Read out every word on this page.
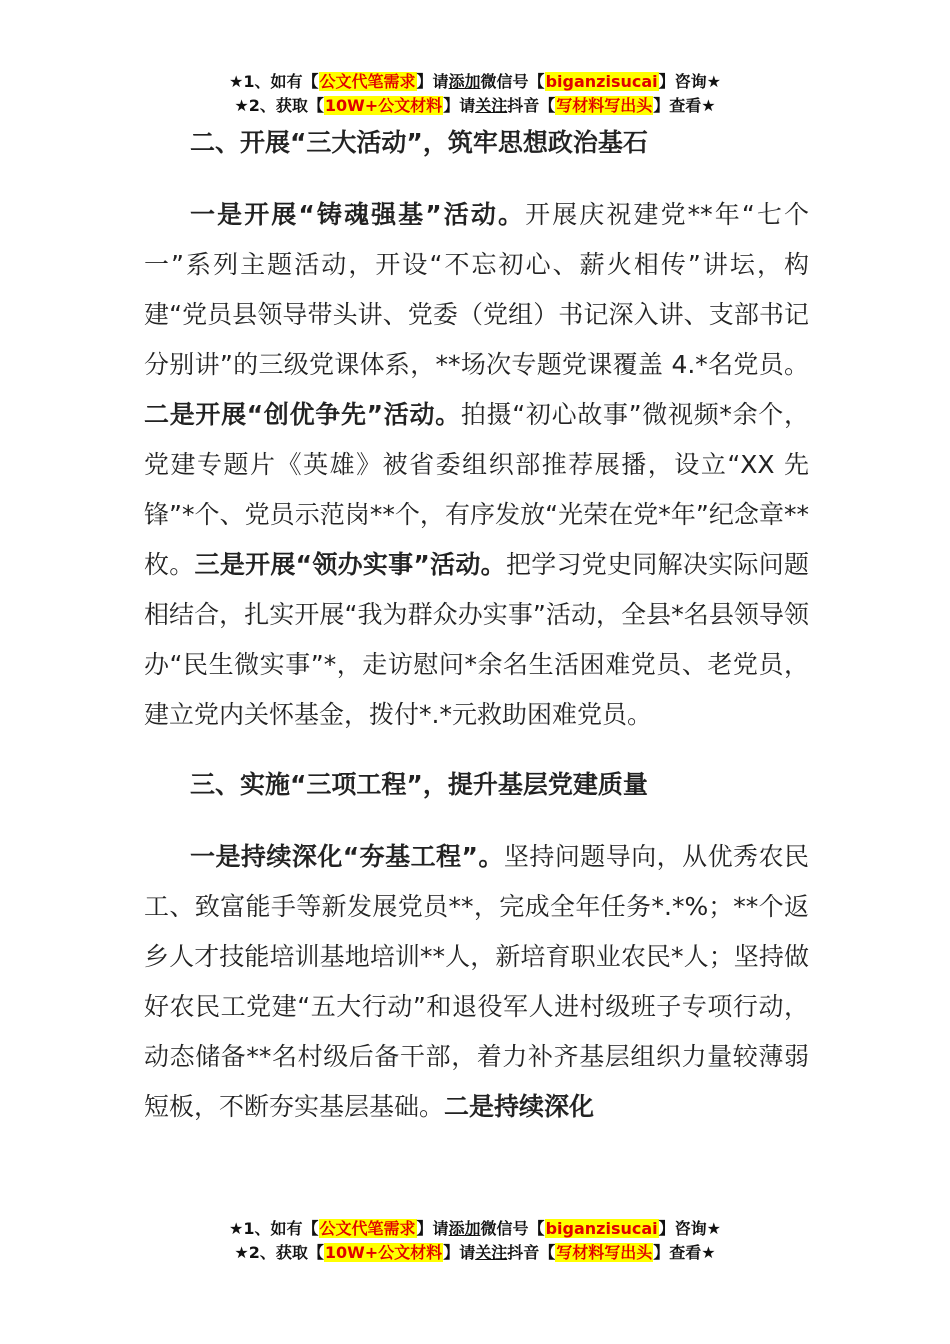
★1、如有【公文代笔需求】请添加微信号【biganzisucai】咨询★
★2、获取【10W+公文材料】请关注抖音【写材料写出头】查看★

二、开展“三大活动”，筑牢思想政治基石

一是开展“铸魂强基”活动。开展庆祝建党**年“七个一”系列主题活动，开设“不忘初心、薪火相传”讲坛，构建“党员县领导带头讲、党委（党组）书记深入讲、支部书记分别讲”的三级党课体系，**场次专题党课覆盖 4.*名党员。二是开展“创优争先”活动。拍摄“初心故事”微视频*余个，党建专题片《英雄》被省委组织部推荐展播，设立“XX 先锋”*个、党员示范岗**个，有序发放“光荣在党*年”纪念章**枚。三是开展“领办实事”活动。把学习党史同解决实际问题相结合，扎实开展“我为群众办实事”活动，全县*名县领导领办“民生微实事”*，走访慰问*余名生活困难党员、老党员，建立党内关怀基金，拨付*.*元救助困难党员。

三、实施“三项工程”，提升基层党建质量

一是持续深化“夯基工程”。坚持问题导向，从优秀农民工、致富能手等新发展党员**，完成全年任务*.*%；**个返乡人才技能培训基地培训**人，新培育职业农民*人；坚持做好农民工党建“五大行动”和退役军人进村级班子专项行动，动态储备**名村级后备干部，着力补齐基层组织力量较薄弱短板，不断夯实基层基础。二是持续深化

★1、如有【公文代笔需求】请添加微信号【biganzisucai】咨询★
★2、获取【10W+公文材料】请关注抖音【写材料写出头】查看★
